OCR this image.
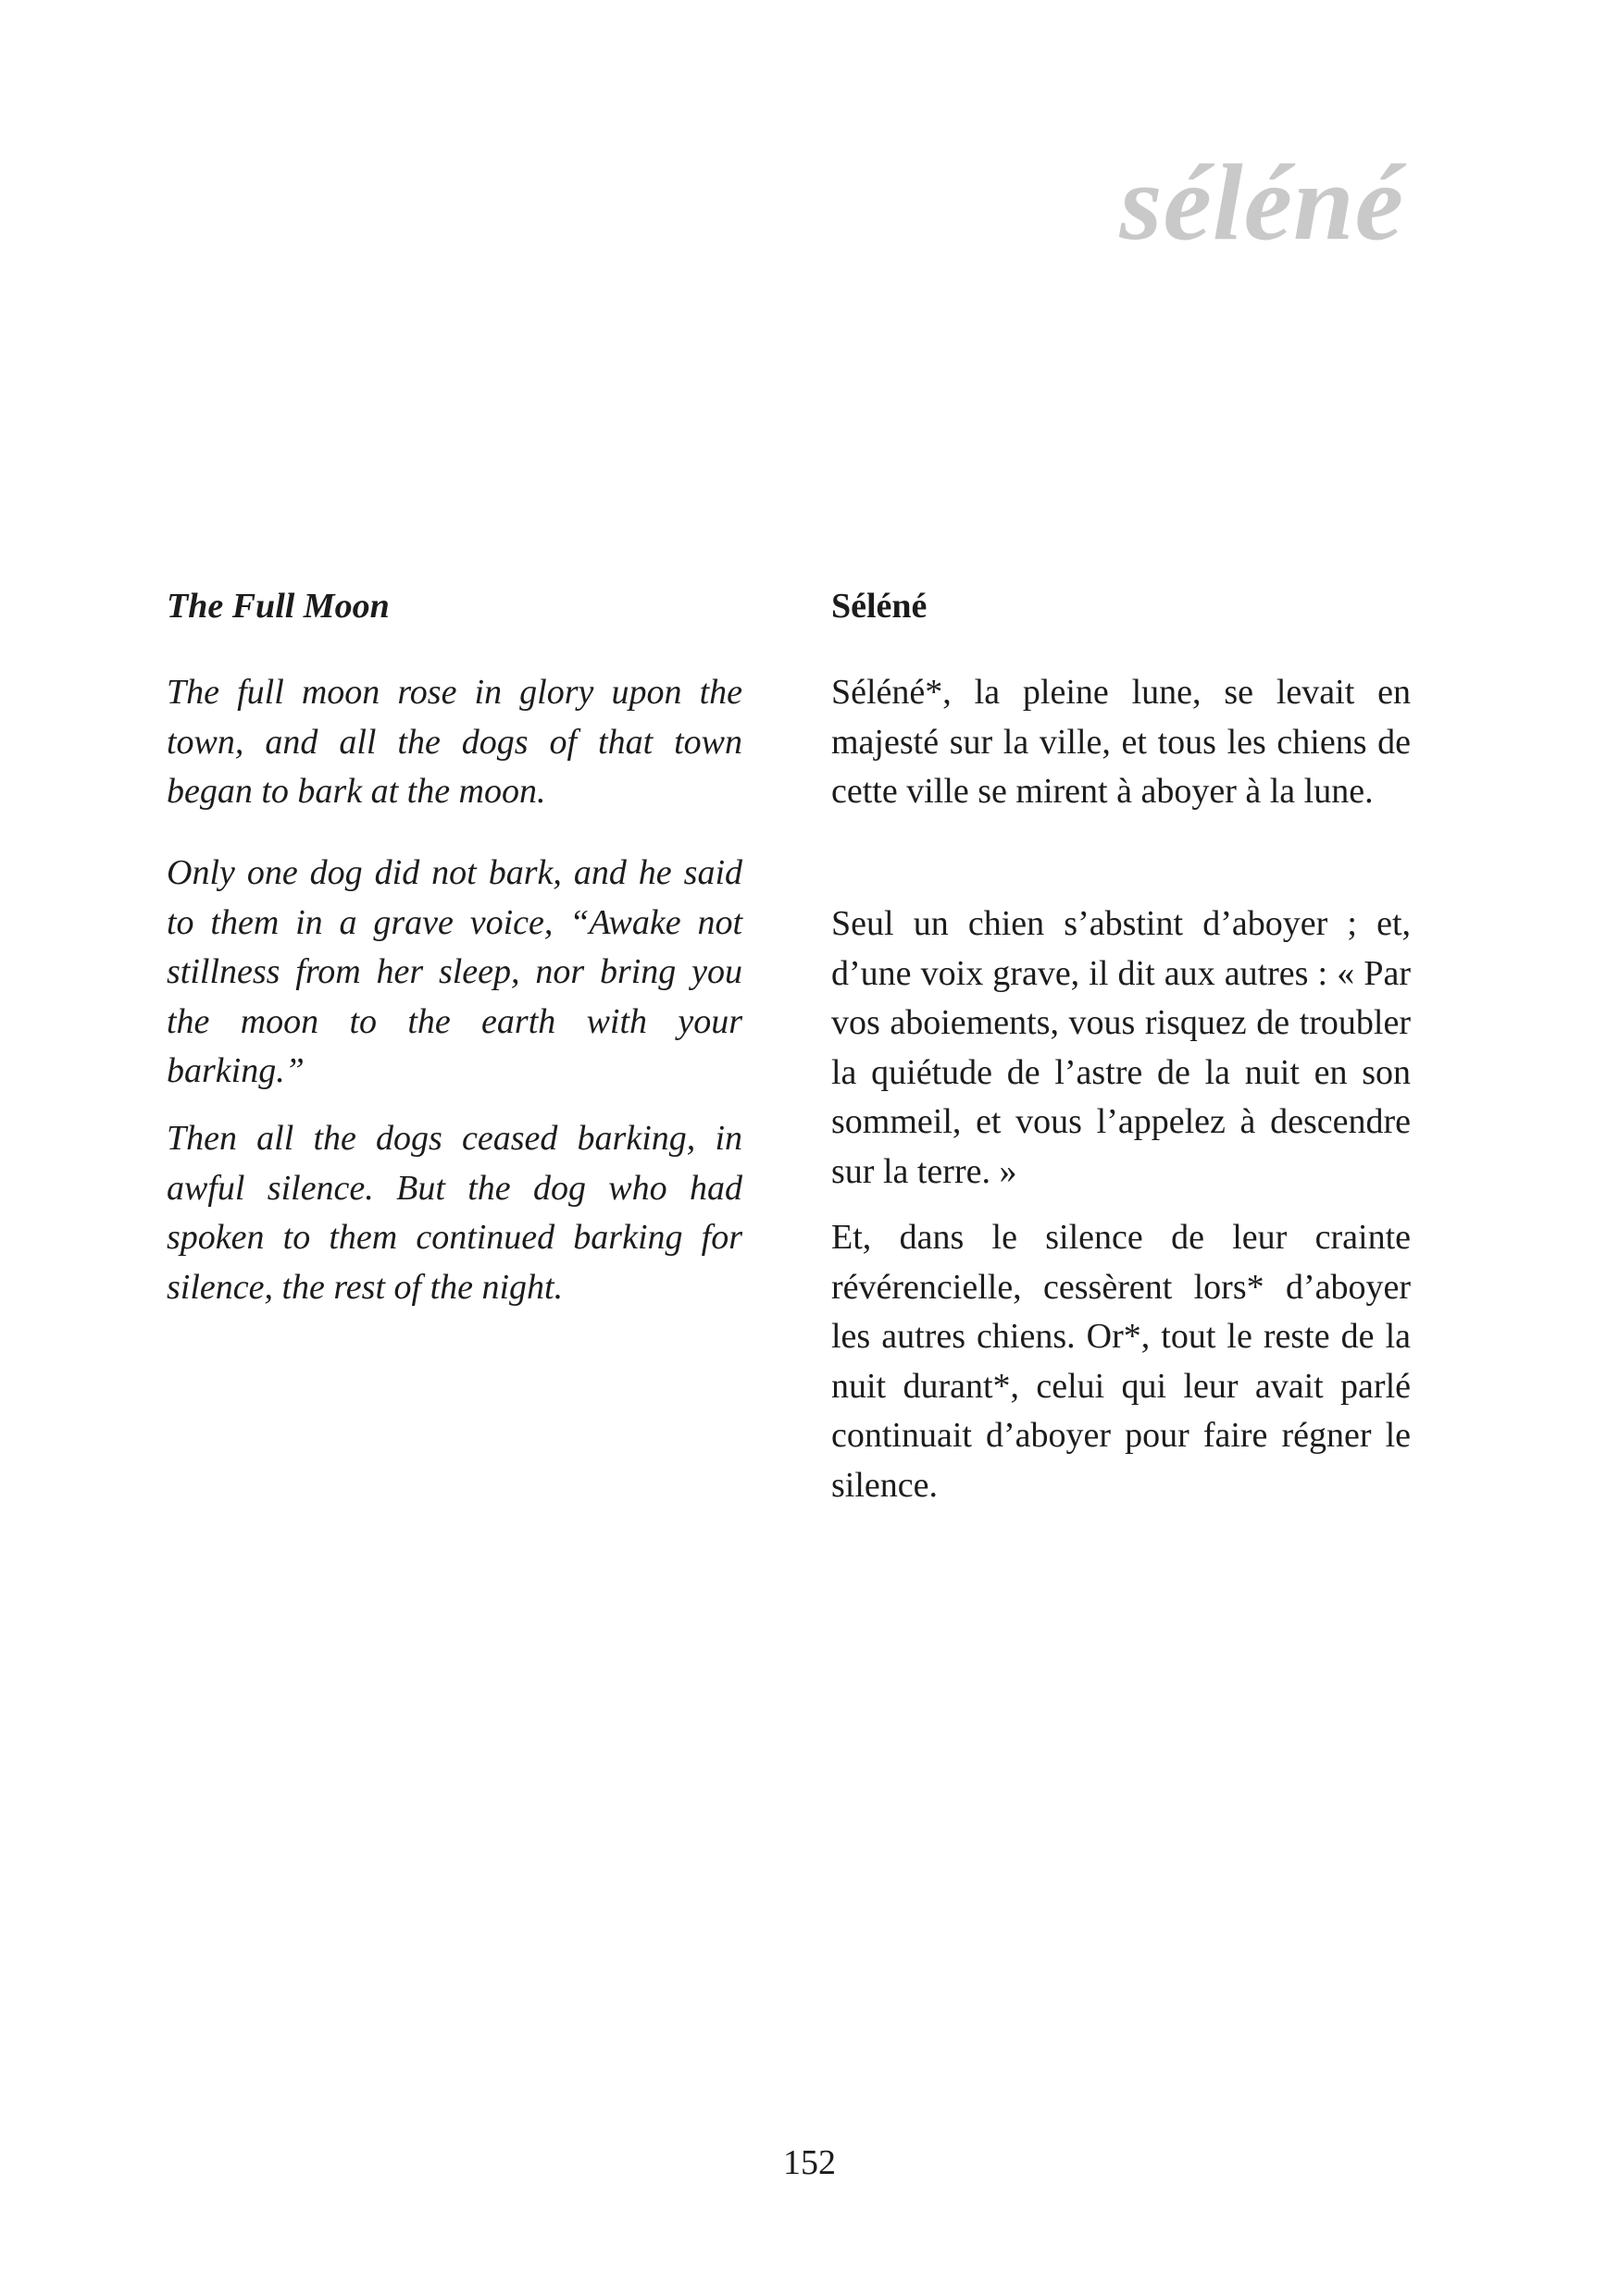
séléné
The Full Moon

The full moon rose in glory upon the town, and all the dogs of that town began to bark at the moon.

Only one dog did not bark, and he said to them in a grave voice, “Awake not stillness from her sleep, nor bring you the moon to the earth with your barking.”

Then all the dogs ceased barking, in awful silence. But the dog who had spoken to them continued barking for silence, the rest of the night.

Séléné

Séléné*, la pleine lune, se levait en majesté sur la ville, et tous les chiens de cette ville se mirent à aboyer à la lune.

Seul un chien s’abstint d’aboyer ; et, d’une voix grave, il dit aux autres : « Par vos aboiements, vous risquez de troubler la quiétude de l’astre de la nuit en son sommeil, et vous l’appelez à descendre sur la terre. »

Et, dans le silence de leur crainte révérencielle, cessèrent lors* d’aboyer les autres chiens. Or*, tout le reste de la nuit durant*, celui qui leur avait parlé continuait d’aboyer pour faire régner le silence.

152
